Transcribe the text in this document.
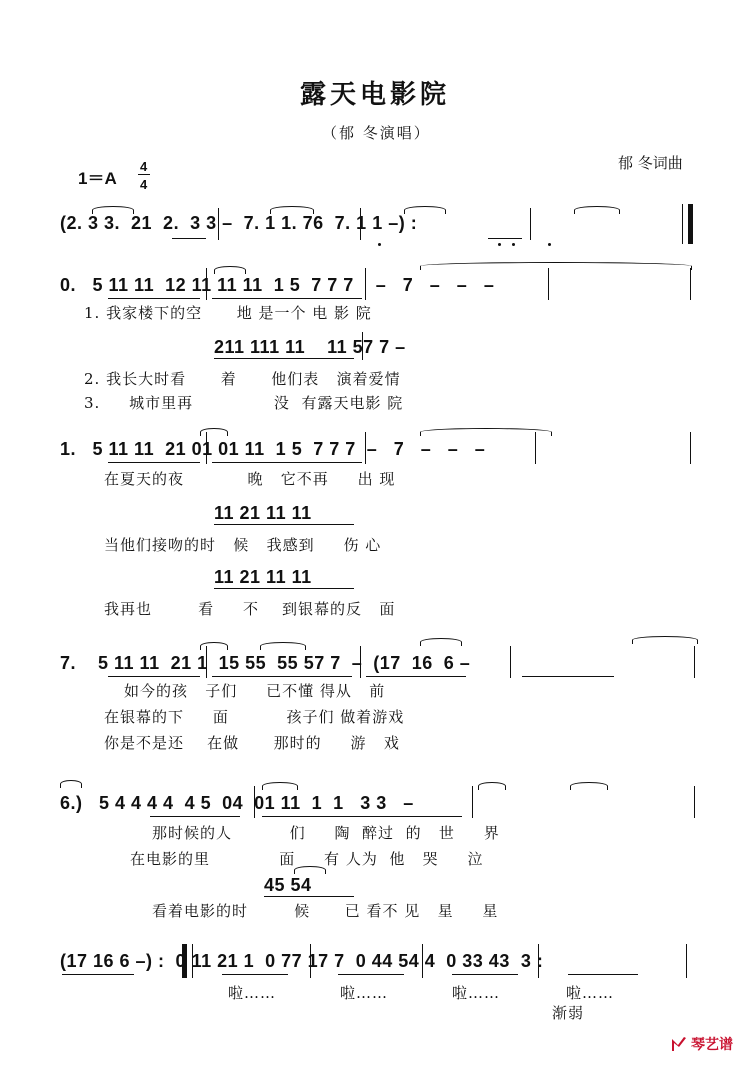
露天电影院
（郁 冬演唱）
郁 冬词曲
1＝A
4
4
(2. 3 3.  21  2.  3 3 –  7. 1 1. 76  7. 1 1 –) :
0.   5 11 11  12 11 11 11  1 5  7 7 7    –   7   –   –   –
1. 我家楼下的空      地 是一个 电 影 院
211 111 11    11 57 7 –
2. 我长大时看      着      他们表   演着爱情
3.     城市里再              没  有露天电影 院
1.   5 11 11  21 01 01 11  1 5  7 7 7  –   7   –   –   –
在夏天的夜           晚   它不再     出 现
11 21 11 11
当他们接吻的时   候   我感到     伤 心
11 21 11 11
我再也        看     不    到银幕的反   面
7.    5 11 11  21 1  15 55  55 57 7  –  (17  16  6 –
如今的孩   子们     已不懂 得从   前
在银幕的下     面          孩子们 做着游戏
你是不是还    在做      那时的     游   戏
6.)   5 4 4 4 4  4 5  04  01 11  1  1   3 3   –
那时候的人          们     陶  醉过  的   世     界
在电影的里            面     有 人为  他   哭     泣
45 54
看着电影的时        候      已 看不 见   星     星
(17 16 6 –) :  0 11 21 1  0 77 17 7  0 44 54 4  0 33 43  3 :
啦……	啦……	啦……	啦……
渐弱
琴艺谱
